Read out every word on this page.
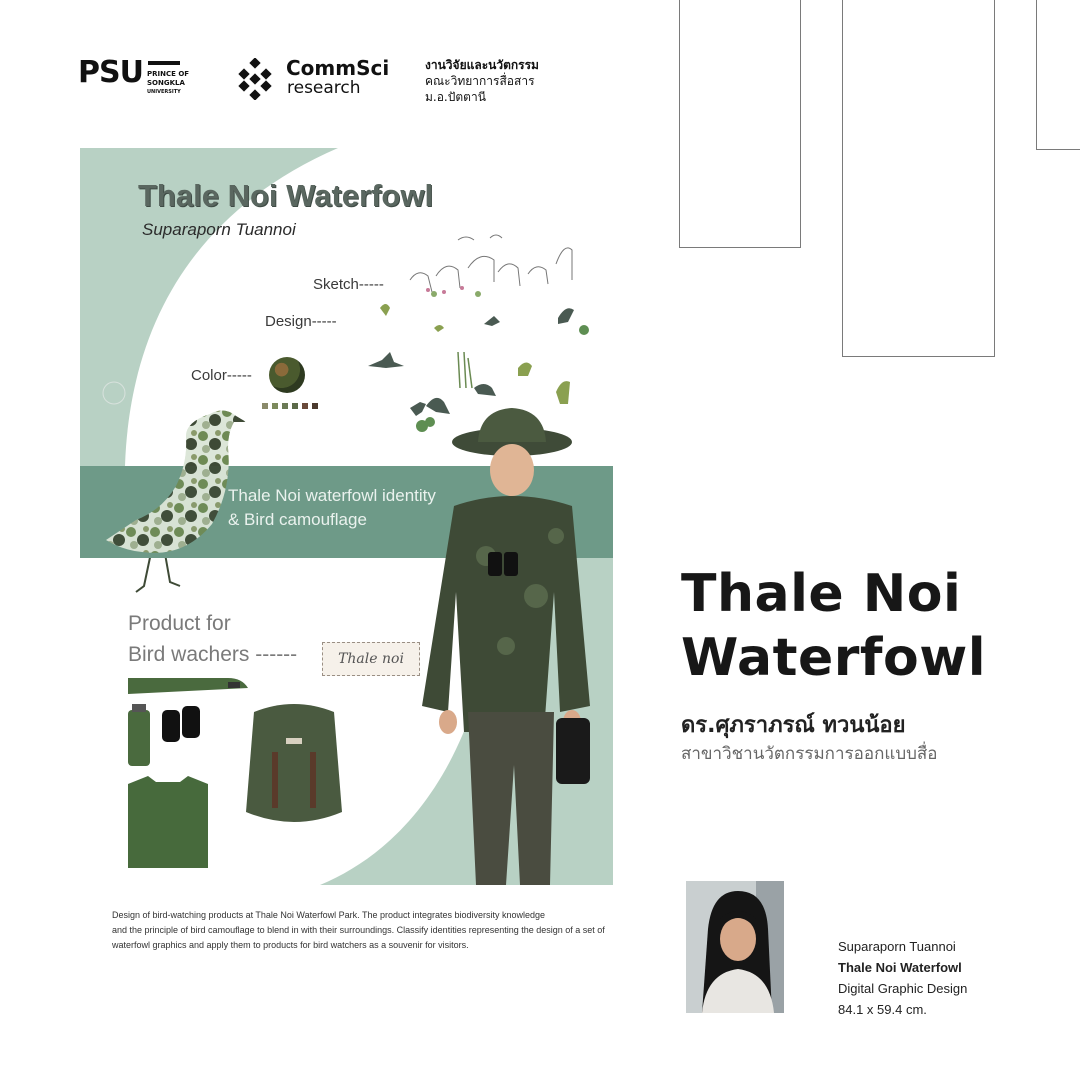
PSU PRINCE OF
SONGKLA
UNIVERSITY
CommSci
research
งานวิจัยและนวัตกรรม
คณะวิทยาการสื่อสาร
ม.อ.ปัตตานี
Thale Noi Waterfowl
Suparaporn Tuannoi
Sketch-----
Design-----
Color-----
Thale Noi waterfowl identity
& Bird camouflage
Product for
Bird wachers ------	Thale noi
Design of bird-watching products at Thale Noi Waterfowl Park. The product integrates biodiversity knowledge
and the principle of bird camouflage to blend in with their surroundings. Classify identities representing the design of a set of
waterfowl graphics and apply them to products for bird watchers as a souvenir for visitors.
Thale Noi
Waterfowl
ดร.ศุภราภรณ์ ทวนน้อย
สาขาวิชานวัตกรรมการออกแบบสื่อ
Suparaporn Tuannoi
Thale Noi Waterfowl
Digital Graphic Design
84.1 x 59.4 cm.
